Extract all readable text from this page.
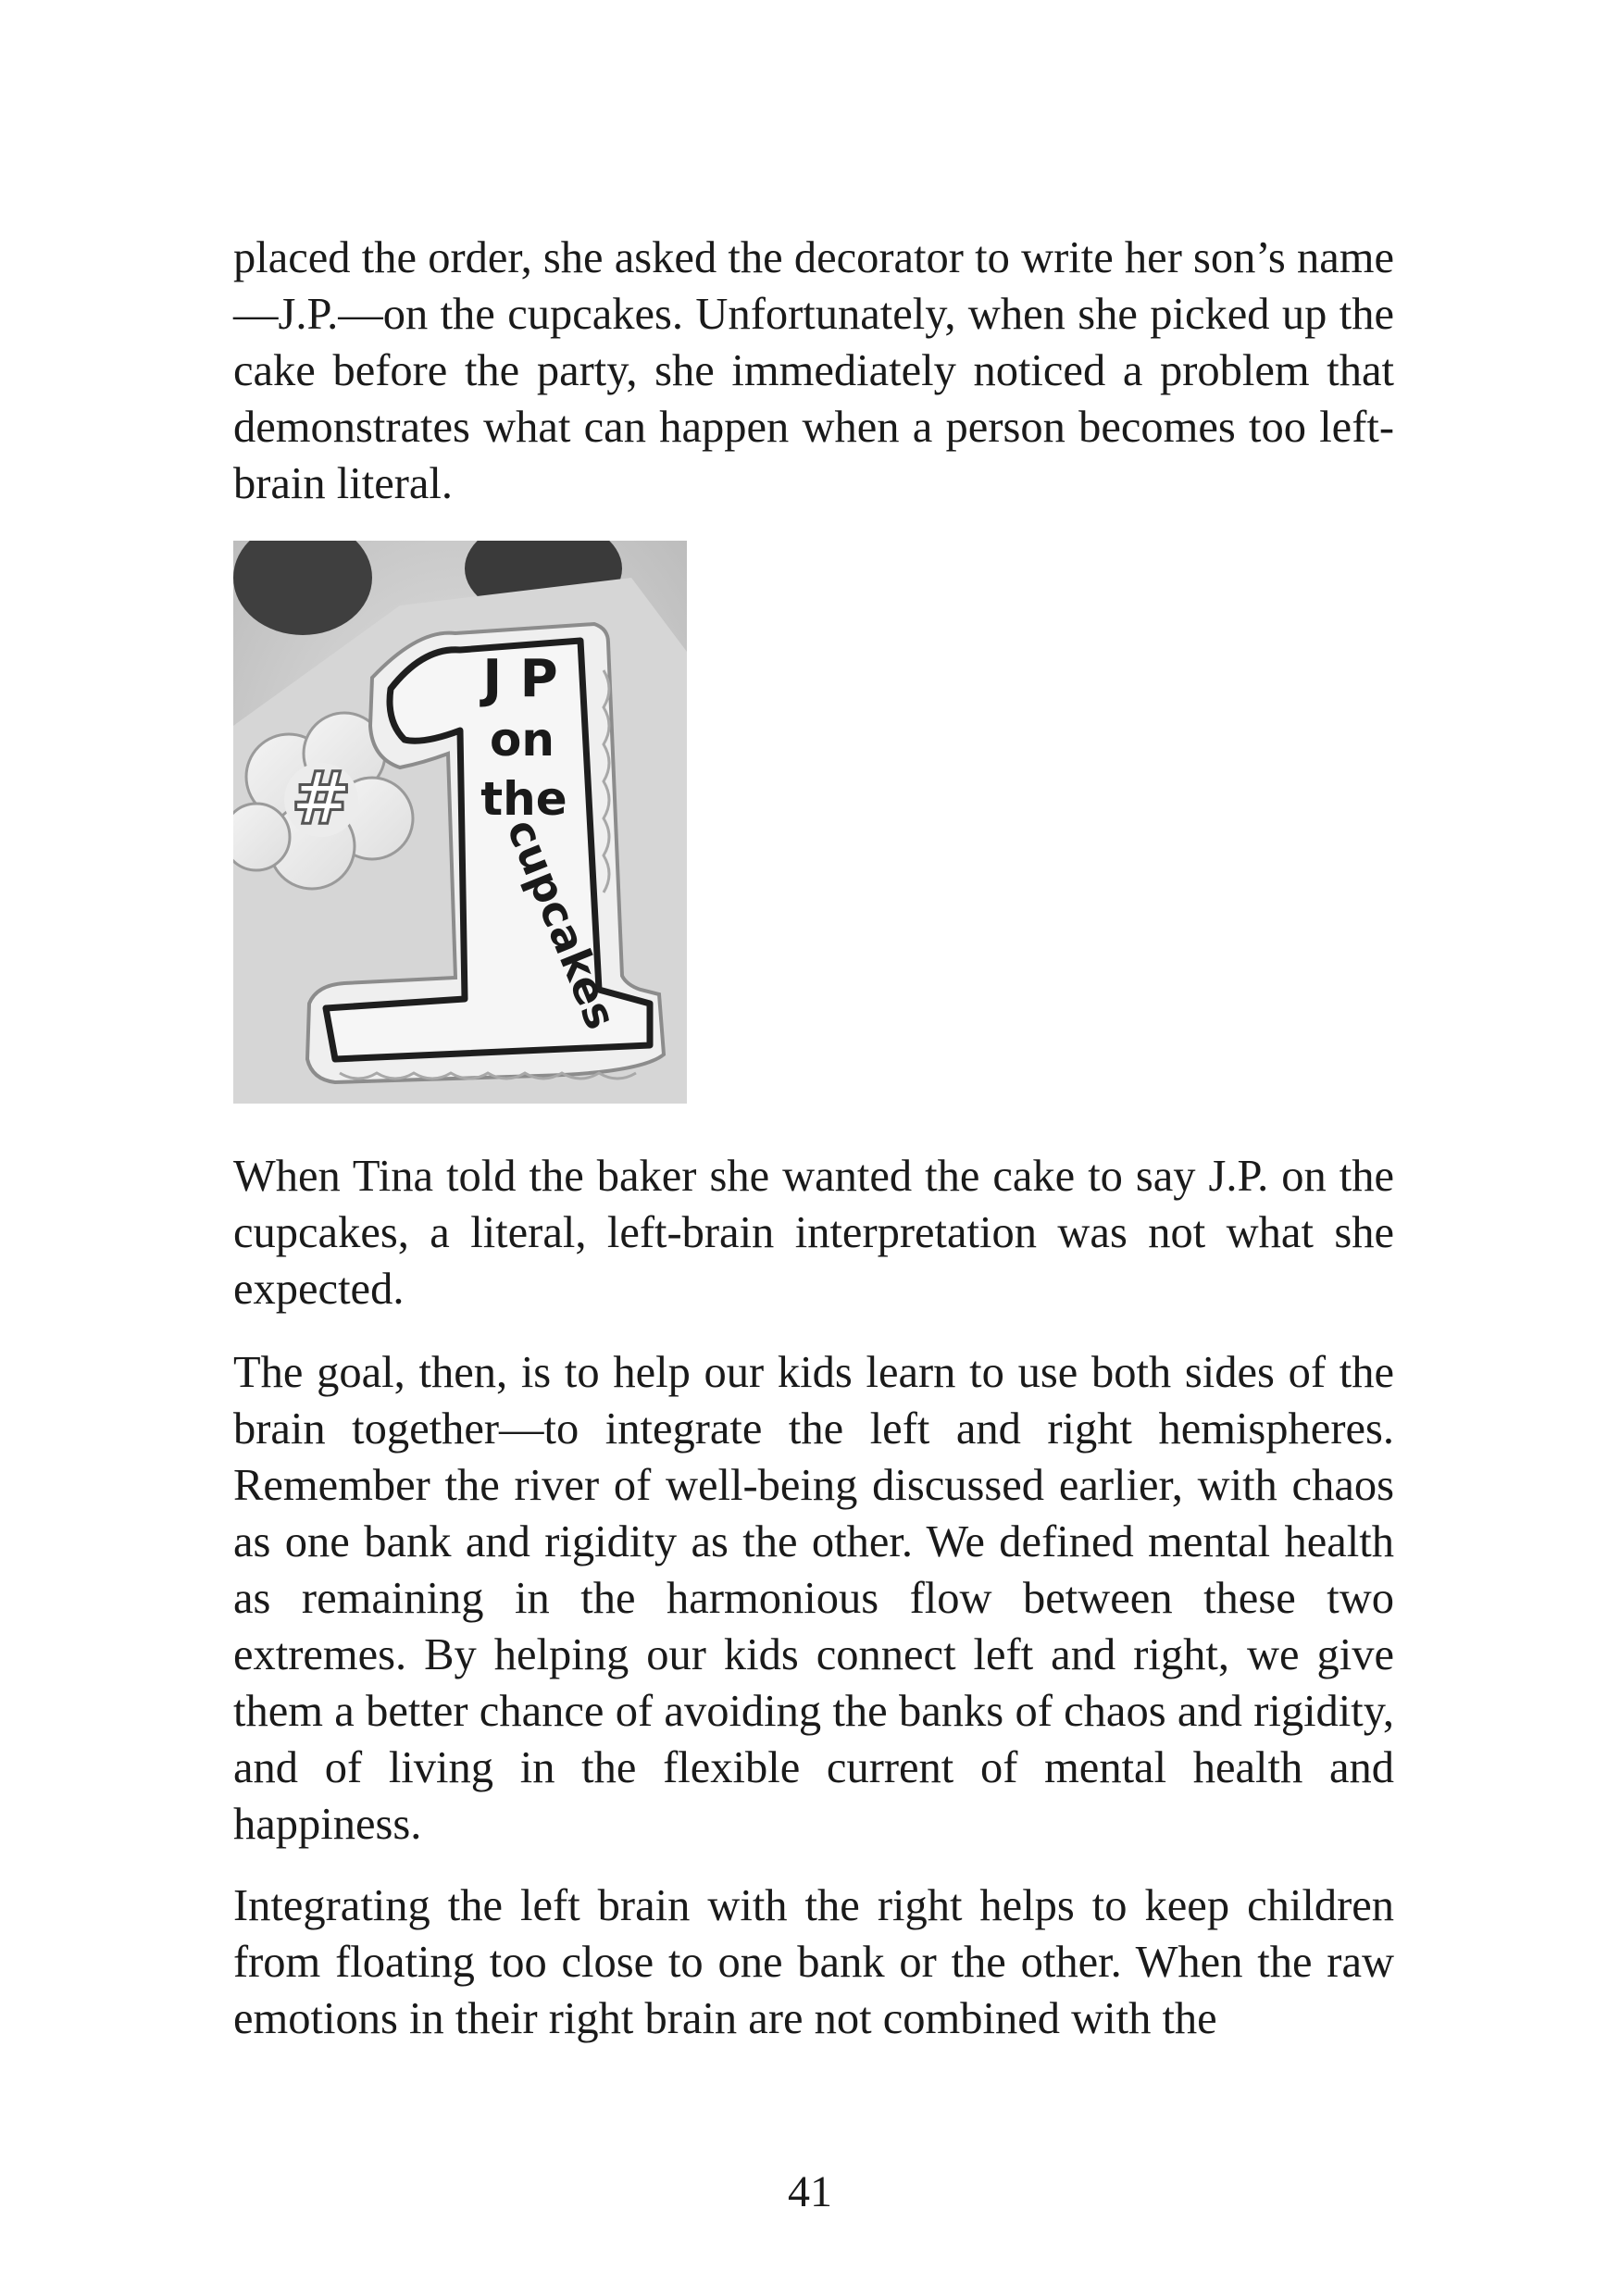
placed the order, she asked the decorator to write her son’s name—J.P.—on the cupcakes. Unfortunately, when she picked up the cake before the party, she immediately noticed a problem that demonstrates what can happen when a person becomes too left-brain literal.

#
J P
on
the
cupcakes

When Tina told the baker she wanted the cake to say J.P. on the cupcakes, a literal, left-brain interpretation was not what she expected.

The goal, then, is to help our kids learn to use both sides of the brain together—to integrate the left and right hemispheres. Remember the river of well-being discussed earlier, with chaos as one bank and rigidity as the other. We defined mental health as remaining in the harmonious flow between these two extremes. By helping our kids connect left and right, we give them a better chance of avoiding the banks of chaos and rigidity, and of living in the flexible current of mental health and happiness.

Integrating the left brain with the right helps to keep children from floating too close to one bank or the other. When the raw emotions in their right brain are not combined with the

41
